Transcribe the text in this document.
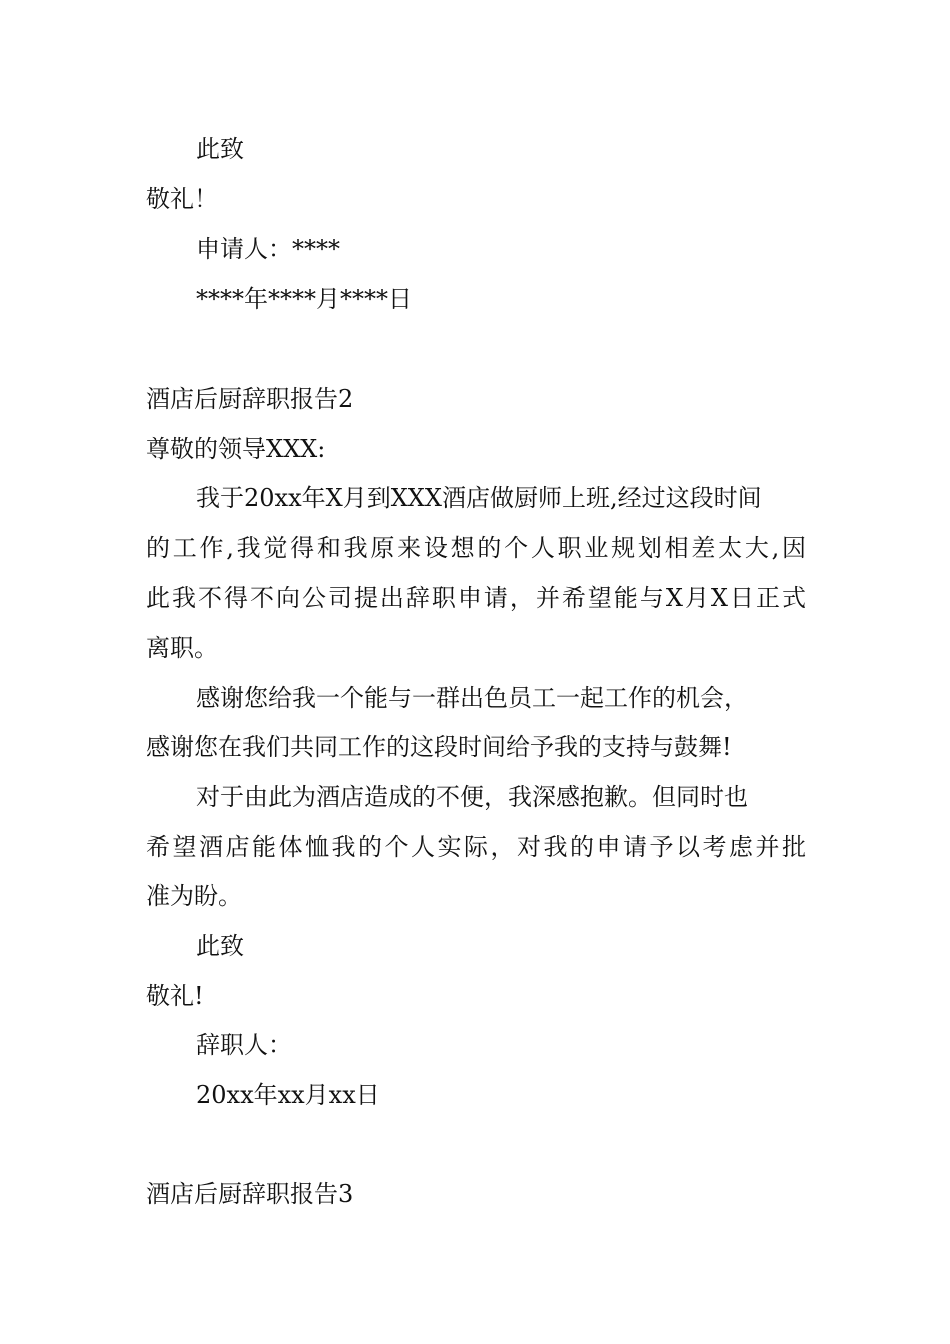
此致
敬礼！
申请人：****
****年****月****日
酒店后厨辞职报告2
尊敬的领导XXX:
我于20xx年X月到XXX酒店做厨师上班,经过这段时间
的工作,我觉得和我原来设想的个人职业规划相差太大,因
此我不得不向公司提出辞职申请，并希望能与X月X日正式
离职。
感谢您给我一个能与一群出色员工一起工作的机会，
感谢您在我们共同工作的这段时间给予我的支持与鼓舞!
对于由此为酒店造成的不便，我深感抱歉。但同时也
希望酒店能体恤我的个人实际，对我的申请予以考虑并批
准为盼。
此致
敬礼!
辞职人：
20xx年xx月xx日
酒店后厨辞职报告3
